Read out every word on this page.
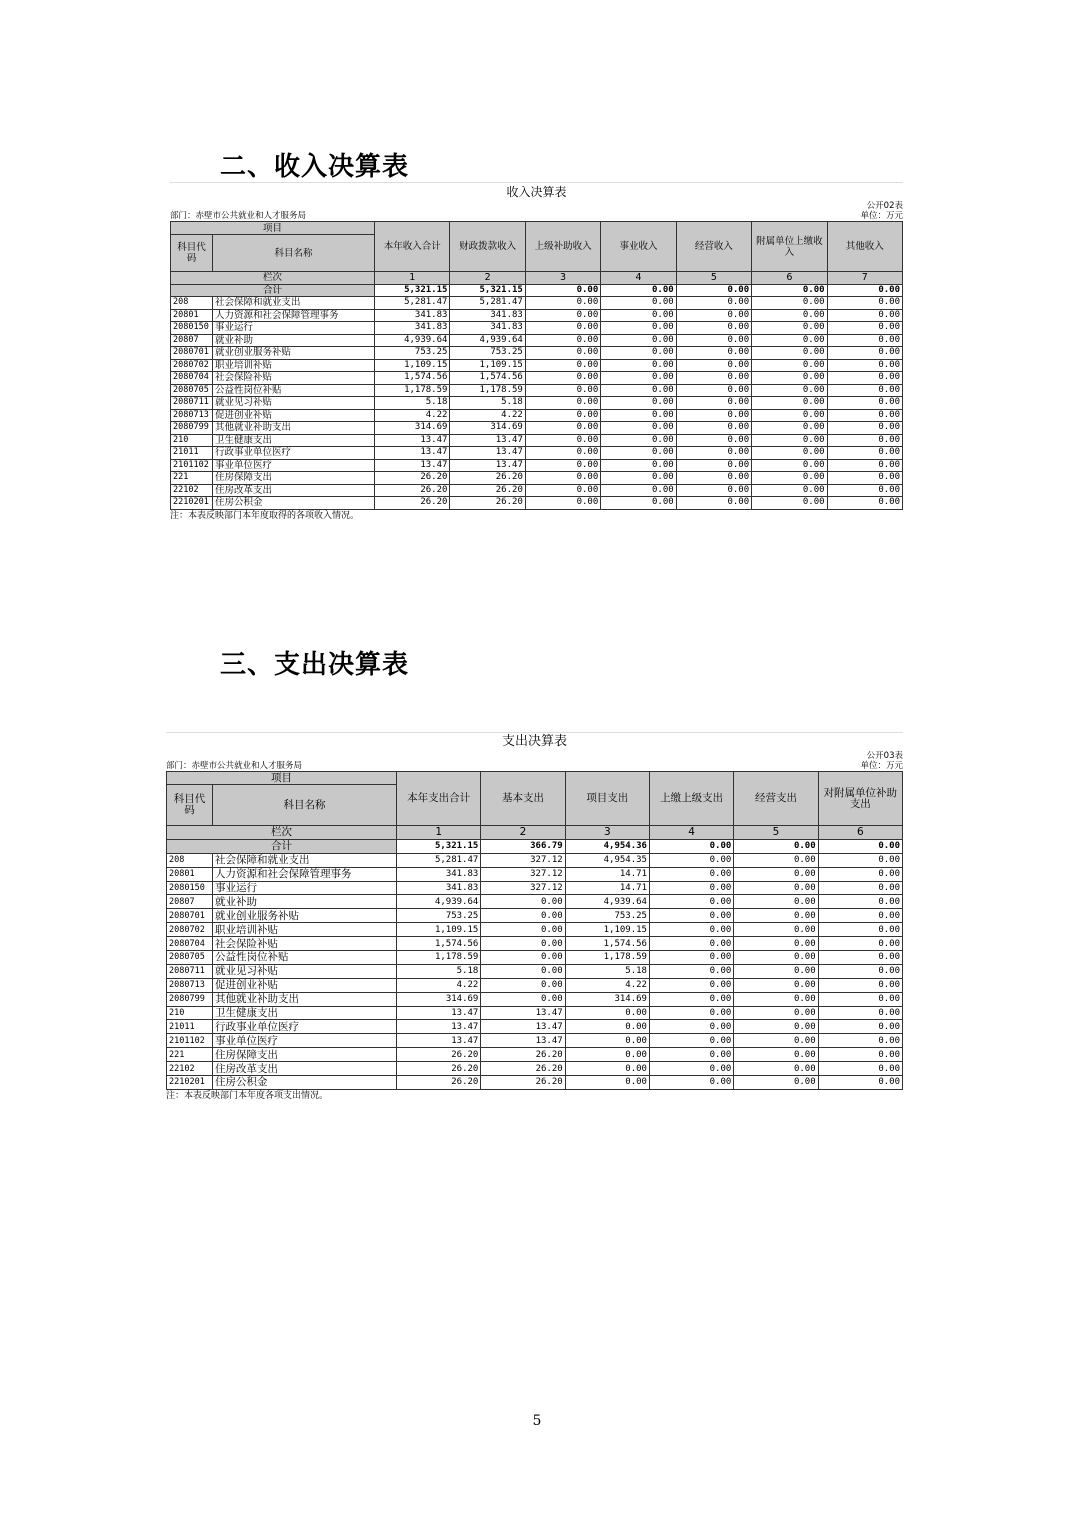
二、收入决算表
收入决算表
公开02表
部门：赤壁市公共就业和人才服务局	单位：万元
项目		本年收入合计	财政拨款收入	上级补助收入	事业收入	经营收入	附属单位上缴收入	其他收入
科目代码	科目名称							
栏次		1	2	3	4	5	6	7
合计		5,321.15	5,321.15	0.00	0.00	0.00	0.00	0.00
208	社会保障和就业支出	5,281.47	5,281.47	0.00	0.00	0.00	0.00	0.00
20801	人力资源和社会保障管理事务	341.83	341.83	0.00	0.00	0.00	0.00	0.00
2080150	事业运行	341.83	341.83	0.00	0.00	0.00	0.00	0.00
20807	就业补助	4,939.64	4,939.64	0.00	0.00	0.00	0.00	0.00
2080701	就业创业服务补贴	753.25	753.25	0.00	0.00	0.00	0.00	0.00
2080702	职业培训补贴	1,109.15	1,109.15	0.00	0.00	0.00	0.00	0.00
2080704	社会保险补贴	1,574.56	1,574.56	0.00	0.00	0.00	0.00	0.00
2080705	公益性岗位补贴	1,178.59	1,178.59	0.00	0.00	0.00	0.00	0.00
2080711	就业见习补贴	5.18	5.18	0.00	0.00	0.00	0.00	0.00
2080713	促进创业补贴	4.22	4.22	0.00	0.00	0.00	0.00	0.00
2080799	其他就业补助支出	314.69	314.69	0.00	0.00	0.00	0.00	0.00
210	卫生健康支出	13.47	13.47	0.00	0.00	0.00	0.00	0.00
21011	行政事业单位医疗	13.47	13.47	0.00	0.00	0.00	0.00	0.00
2101102	事业单位医疗	13.47	13.47	0.00	0.00	0.00	0.00	0.00
221	住房保障支出	26.20	26.20	0.00	0.00	0.00	0.00	0.00
22102	住房改革支出	26.20	26.20	0.00	0.00	0.00	0.00	0.00
2210201	住房公积金	26.20	26.20	0.00	0.00	0.00	0.00	0.00
注：本表反映部门本年度取得的各项收入情况。
三、支出决算表
支出决算表
公开03表
部门：赤壁市公共就业和人才服务局	单位：万元
项目		本年支出合计	基本支出	项目支出	上缴上级支出	经营支出	对附属单位补助支出
科目代码	科目名称						
栏次		1	2	3	4	5	6
合计		5,321.15	366.79	4,954.36	0.00	0.00	0.00
208	社会保障和就业支出	5,281.47	327.12	4,954.35	0.00	0.00	0.00
20801	人力资源和社会保障管理事务	341.83	327.12	14.71	0.00	0.00	0.00
2080150	事业运行	341.83	327.12	14.71	0.00	0.00	0.00
20807	就业补助	4,939.64	0.00	4,939.64	0.00	0.00	0.00
2080701	就业创业服务补贴	753.25	0.00	753.25	0.00	0.00	0.00
2080702	职业培训补贴	1,109.15	0.00	1,109.15	0.00	0.00	0.00
2080704	社会保险补贴	1,574.56	0.00	1,574.56	0.00	0.00	0.00
2080705	公益性岗位补贴	1,178.59	0.00	1,178.59	0.00	0.00	0.00
2080711	就业见习补贴	5.18	0.00	5.18	0.00	0.00	0.00
2080713	促进创业补贴	4.22	0.00	4.22	0.00	0.00	0.00
2080799	其他就业补助支出	314.69	0.00	314.69	0.00	0.00	0.00
210	卫生健康支出	13.47	13.47	0.00	0.00	0.00	0.00
21011	行政事业单位医疗	13.47	13.47	0.00	0.00	0.00	0.00
2101102	事业单位医疗	13.47	13.47	0.00	0.00	0.00	0.00
221	住房保障支出	26.20	26.20	0.00	0.00	0.00	0.00
22102	住房改革支出	26.20	26.20	0.00	0.00	0.00	0.00
2210201	住房公积金	26.20	26.20	0.00	0.00	0.00	0.00
注：本表反映部门本年度各项支出情况。
5
